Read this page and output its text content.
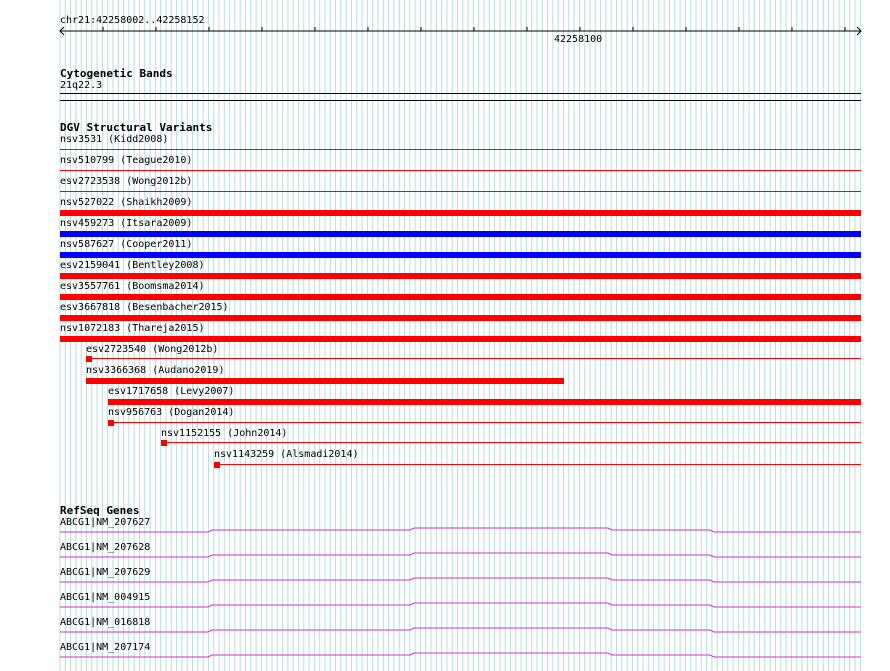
chr21:42258002..42258152
42258100
Cytogenetic Bands
21q22.3
DGV Structural Variants
nsv3531 (Kidd2008)
nsv510799 (Teague2010)
esv2723538 (Wong2012b)
nsv527022 (Shaikh2009)
nsv459273 (Itsara2009)
nsv587627 (Cooper2011)
esv2159041 (Bentley2008)
esv3557761 (Boomsma2014)
esv3667818 (Besenbacher2015)
nsv1072183 (Thareja2015)
esv2723540 (Wong2012b)
nsv3366368 (Audano2019)
esv1717658 (Levy2007)
nsv956763 (Dogan2014)
nsv1152155 (John2014)
nsv1143259 (Alsmadi2014)
RefSeq Genes
ABCG1|NM_207627
ABCG1|NM_207628
ABCG1|NM_207629
ABCG1|NM_004915
ABCG1|NM_016818
ABCG1|NM_207174
